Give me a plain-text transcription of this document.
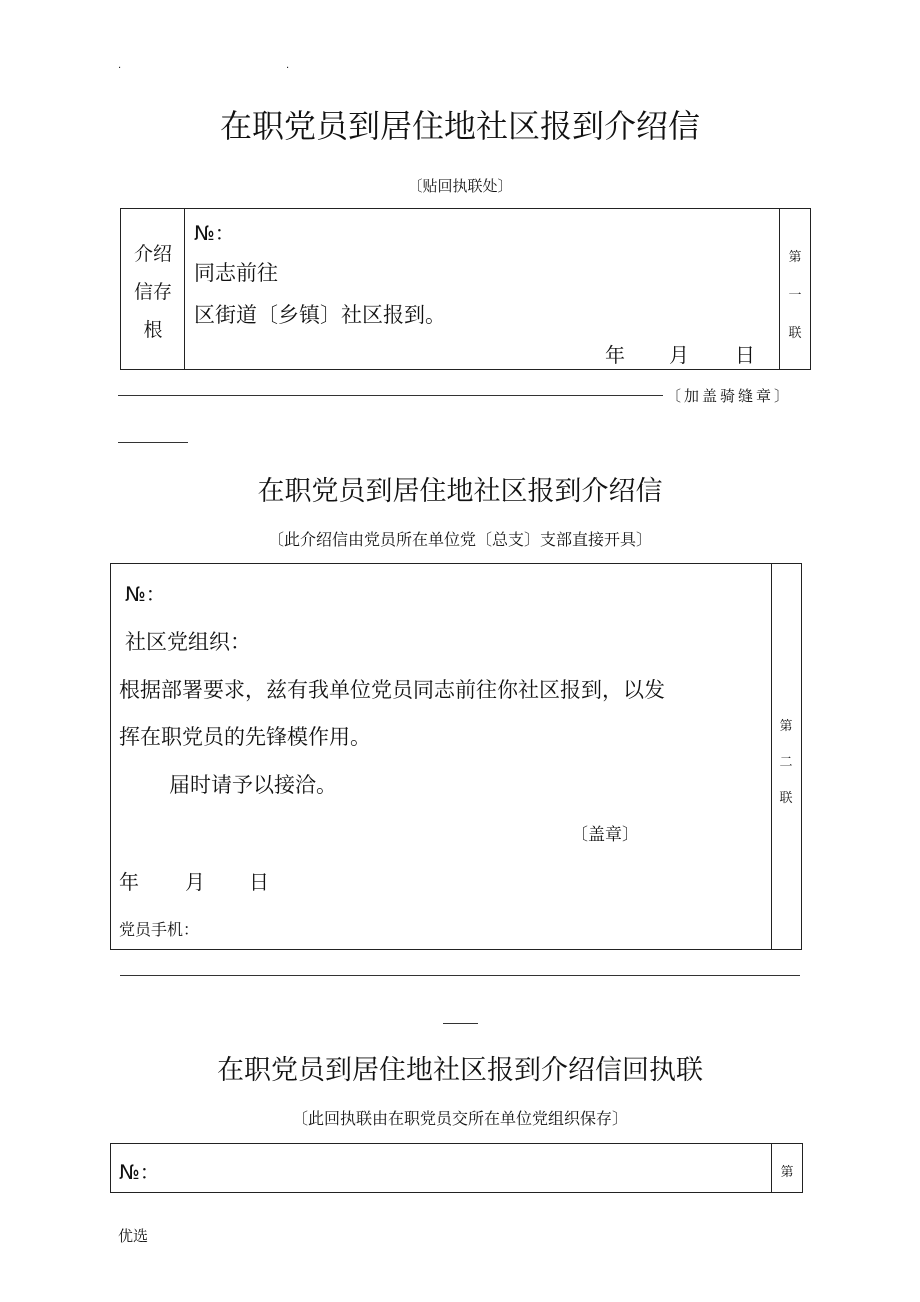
·	·
在职党员到居住地社区报到介绍信
〔贴回执联处〕
介绍
信存
根
№：
同志前往
区街道〔乡镇〕社区报到。
年 月 日
第
一
联
〔加盖骑缝章〕
在职党员到居住地社区报到介绍信
〔此介绍信由党员所在单位党〔总支〕支部直接开具〕
№：
社区党组织：
根据部署要求，兹有我单位党员同志前往你社区报到，以发
挥在职党员的先锋模作用。
届时请予以接洽。
〔盖章〕
年 月 日
党员手机：
第
二
联
在职党员到居住地社区报到介绍信回执联
〔此回执联由在职党员交所在单位党组织保存〕
№：	第
优选
